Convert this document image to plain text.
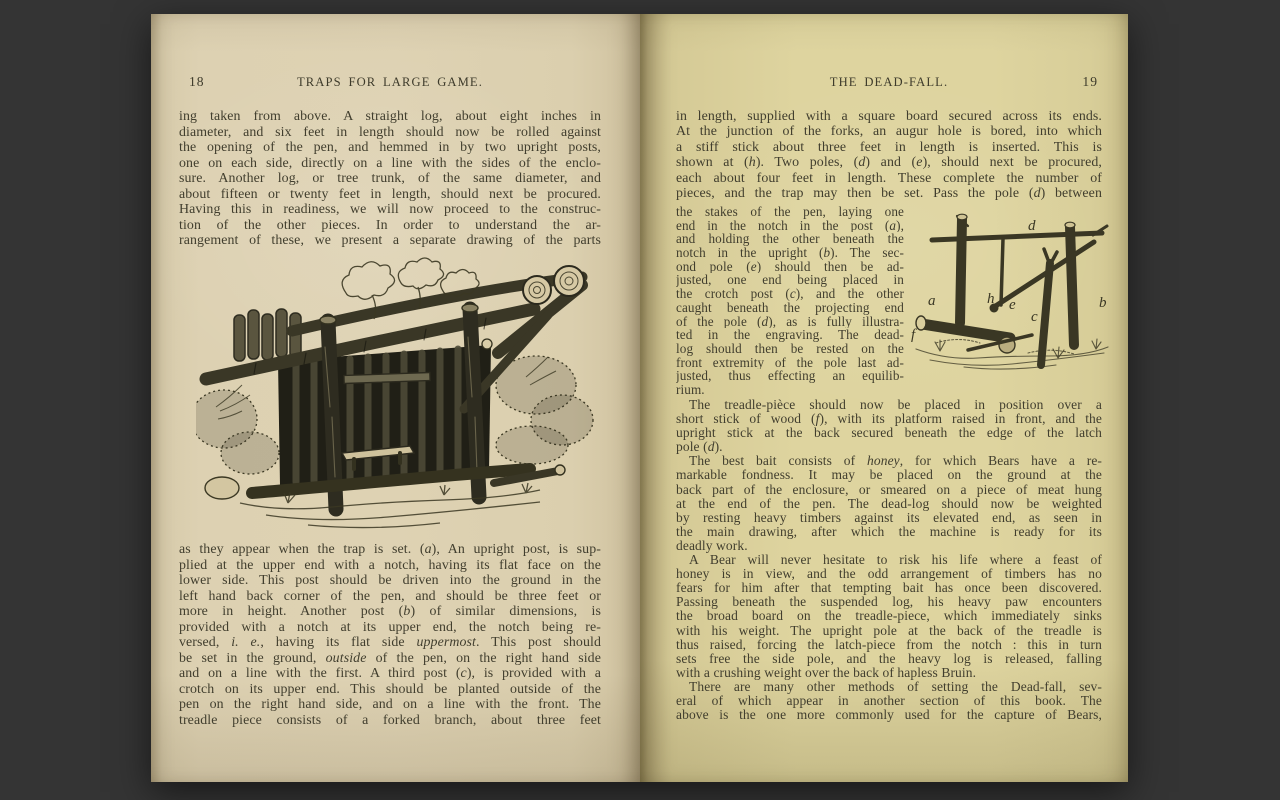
18	TRAPS FOR LARGE GAME.
ing taken from above. A straight log, about eight inches in
diameter, and six feet in length should now be rolled against
the opening of the pen, and hemmed in by two upright posts,
one on each side, directly on a line with the sides of the enclo-
sure. Another log, or tree trunk, of the same diameter, and
about fifteen or twenty feet in length, should next be procured.
Having this in readiness, we will now proceed to the construc-
tion of the other pieces. In order to understand the ar-
rangement of these, we present a separate drawing of the parts
as they appear when the trap is set. (a), An upright post, is sup-
plied at the upper end with a notch, having its flat face on the
lower side. This post should be driven into the ground in the
left hand back corner of the pen, and should be three feet or
more in height. Another post (b) of similar dimensions, is
provided with a notch at its upper end, the notch being re-
versed, i. e., having its flat side uppermost. This post should
be set in the ground, outside of the pen, on the right hand side
and on a line with the first. A third post (c), is provided with a
crotch on its upper end. This should be planted outside of the
pen on the right hand side, and on a line with the front. The
treadle piece consists of a forked branch, about three feet
THE DEAD-FALL.	19
in length, supplied with a square board secured across its ends.
At the junction of the forks, an augur hole is bored, into which
a stiff stick about three feet in length is inserted. This is
shown at (h). Two poles, (d) and (e), should next be procured,
each about four feet in length. These complete the number of
pieces, and the trap may then be set. Pass the pole (d) between
d
a	h e	b
c
g
f
the stakes of the pen, laying one
end in the notch in the post (a),
and holding the other beneath the
notch in the upright (b). The sec-
ond pole (e) should then be ad-
justed, one end being placed in
the crotch post (c), and the other
caught beneath the projecting end
of the pole (d), as is fully illustra-
ted in the engraving. The dead-
log should then be rested on the
front extremity of the pole last ad-
justed, thus effecting an equilib-
rium.
The treadle-pièce should now be placed in position over a
short stick of wood (f), with its platform raised in front, and the
upright stick at the back secured beneath the edge of the latch
pole (d).
The best bait consists of honey, for which Bears have a re-
markable fondness. It may be placed on the ground at the
back part of the enclosure, or smeared on a piece of meat hung
at the end of the pen. The dead-log should now be weighted
by resting heavy timbers against its elevated end, as seen in
the main drawing, after which the machine is ready for its
deadly work.
A Bear will never hesitate to risk his life where a feast of
honey is in view, and the odd arrangement of timbers has no
fears for him after that tempting bait has once been discovered.
Passing beneath the suspended log, his heavy paw encounters
the broad board on the treadle-piece, which immediately sinks
with his weight. The upright pole at the back of the treadle is
thus raised, forcing the latch-piece from the notch : this in turn
sets free the side pole, and the heavy log is released, falling
with a crushing weight over the back of hapless Bruin.
There are many other methods of setting the Dead-fall, sev-
eral of which appear in another section of this book. The
above is the one more commonly used for the capture of Bears,
